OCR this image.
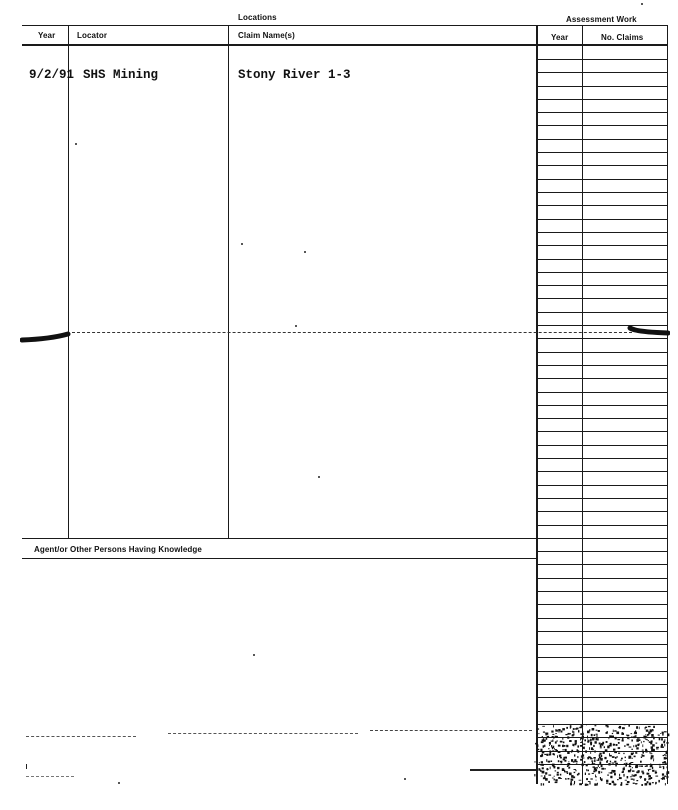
Locations	Assessment Work
Year	Locator	Claim Name(s)	Year	No. Claims
9/2/91 SHS Mining	Stony River 1-3
Agent/or Other Persons Having Knowledge
